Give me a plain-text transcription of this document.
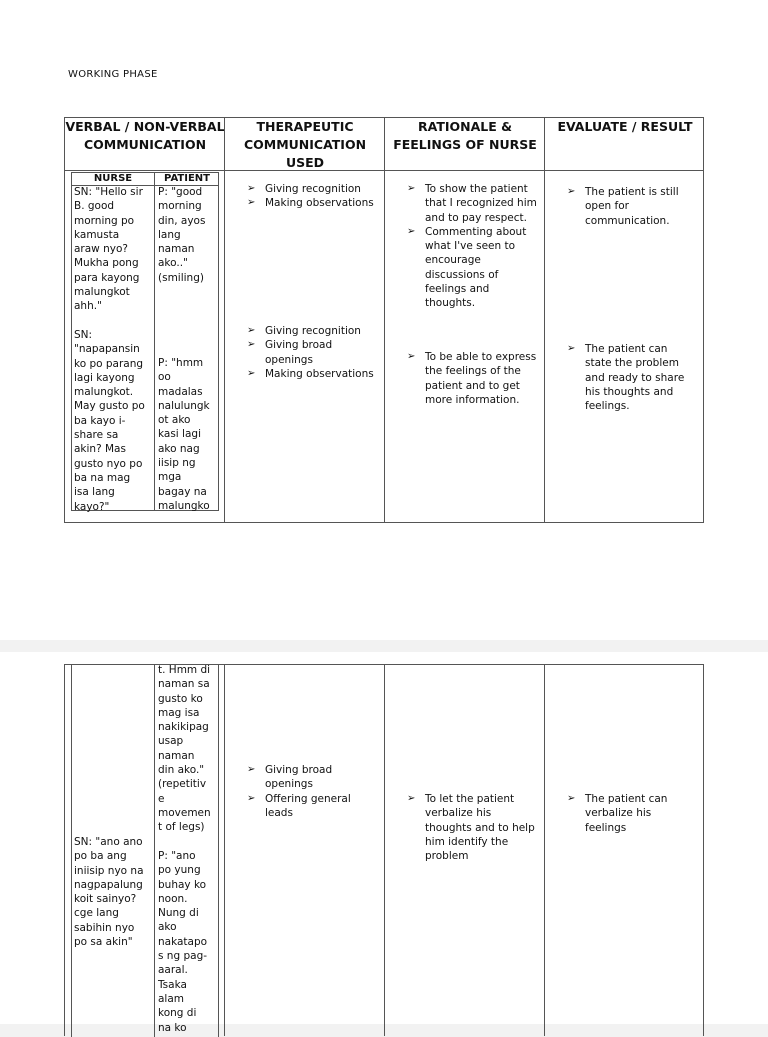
WORKING PHASE
VERBAL / NON-VERBAL COMMUNICATION
THERAPEUTIC COMMUNICATION USED
RATIONALE & FEELINGS OF NURSE
EVALUATE / RESULT
NURSE	PATIENT
SN: "Hello sir
B. good
morning po
kamusta
araw nyo?
Mukha pong
para kayong
malungkot
ahh."
SN:
"napapansin
ko po parang
lagi kayong
malungkot.
May gusto po
ba kayo i-
share sa
akin? Mas
gusto nyo po
ba na mag
isa lang
kayo?"
P: "good
morning
din, ayos
lang
naman
ako.."
(smiling)
P: "hmm
oo
madalas
nalulungk
ot ako
kasi lagi
ako nag
iisip ng
mga
bagay na
malungko
➢ Giving recognition
➢ Making observations
➢ Giving recognition
➢ Giving broad openings
➢ Making observations
➢ To show the patient that I recognized him and to pay respect.
➢ Commenting about what I've seen to encourage discussions of feelings and thoughts.
➢ To be able to express the feelings of the patient and to get more information.
➢ The patient is still open for communication.
➢ The patient can state the problem and ready to share his thoughts and feelings.
t. Hmm di
naman sa
gusto ko
mag isa
nakikipag
usap
naman
din ako."
(repetitiv
e
movemen
t of legs)
SN: "ano ano
po ba ang
iniisip nyo na
nagpapalung
koit sainyo?
cge lang
sabihin nyo
po sa akin"
P: "ano
po yung
buhay ko
noon.
Nung di
ako
nakatapo
s ng pag-
aaral.
Tsaka
alam
kong di
na ko
➢ Giving broad openings
➢ Offering general leads
➢ To let the patient verbalize his thoughts and to help him identify the problem
➢ The patient can verbalize his feelings
